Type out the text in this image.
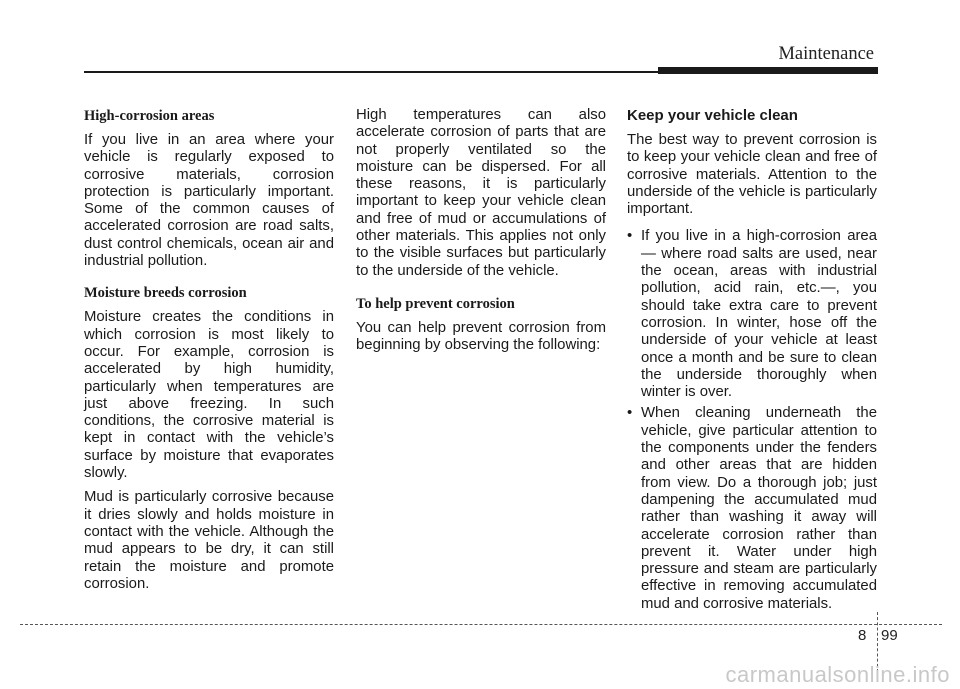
Maintenance
High-corrosion areas

If you live in an area where your vehicle is regularly exposed to corrosive materials, corrosion protection is particularly important. Some of the common causes of accelerated corrosion are road salts, dust control chemicals, ocean air and industrial pollution.

Moisture breeds corrosion

Moisture creates the conditions in which corrosion is most likely to occur. For example, corrosion is accelerated by high humidity, particularly when temperatures are just above freezing. In such conditions, the corrosive material is kept in contact with the vehicle’s surface by moisture that evaporates slowly.

Mud is particularly corrosive because it dries slowly and holds moisture in contact with the vehicle. Although the mud appears to be dry, it can still retain the moisture and promote corrosion.

High temperatures can also accelerate corrosion of parts that are not properly ventilated so the moisture can be dispersed. For all these reasons, it is particularly important to keep your vehicle clean and free of mud or accumulations of other materials. This applies not only to the visible surfaces but particularly to the underside of the vehicle.

To help prevent corrosion

You can help prevent corrosion from beginning by observing the following:

Keep your vehicle clean

The best way to prevent corrosion is to keep your vehicle clean and free of corrosive materials. Attention to the underside of the vehicle is particularly important.

• If you live in a high-corrosion area — where road salts are used, near the ocean, areas with industrial pollution, acid rain, etc.—, you should take extra care to prevent corrosion. In winter, hose off the underside of your vehicle at least once a month and be sure to clean the underside thoroughly when winter is over.
• When cleaning underneath the vehicle, give particular attention to the components under the fenders and other areas that are hidden from view. Do a thorough job; just dampening the accumulated mud rather than washing it away will accelerate corrosion rather than prevent it. Water under high pressure and steam are particularly effective in removing accumulated mud and corrosive materials.
8 99
carmanualsonline.info
